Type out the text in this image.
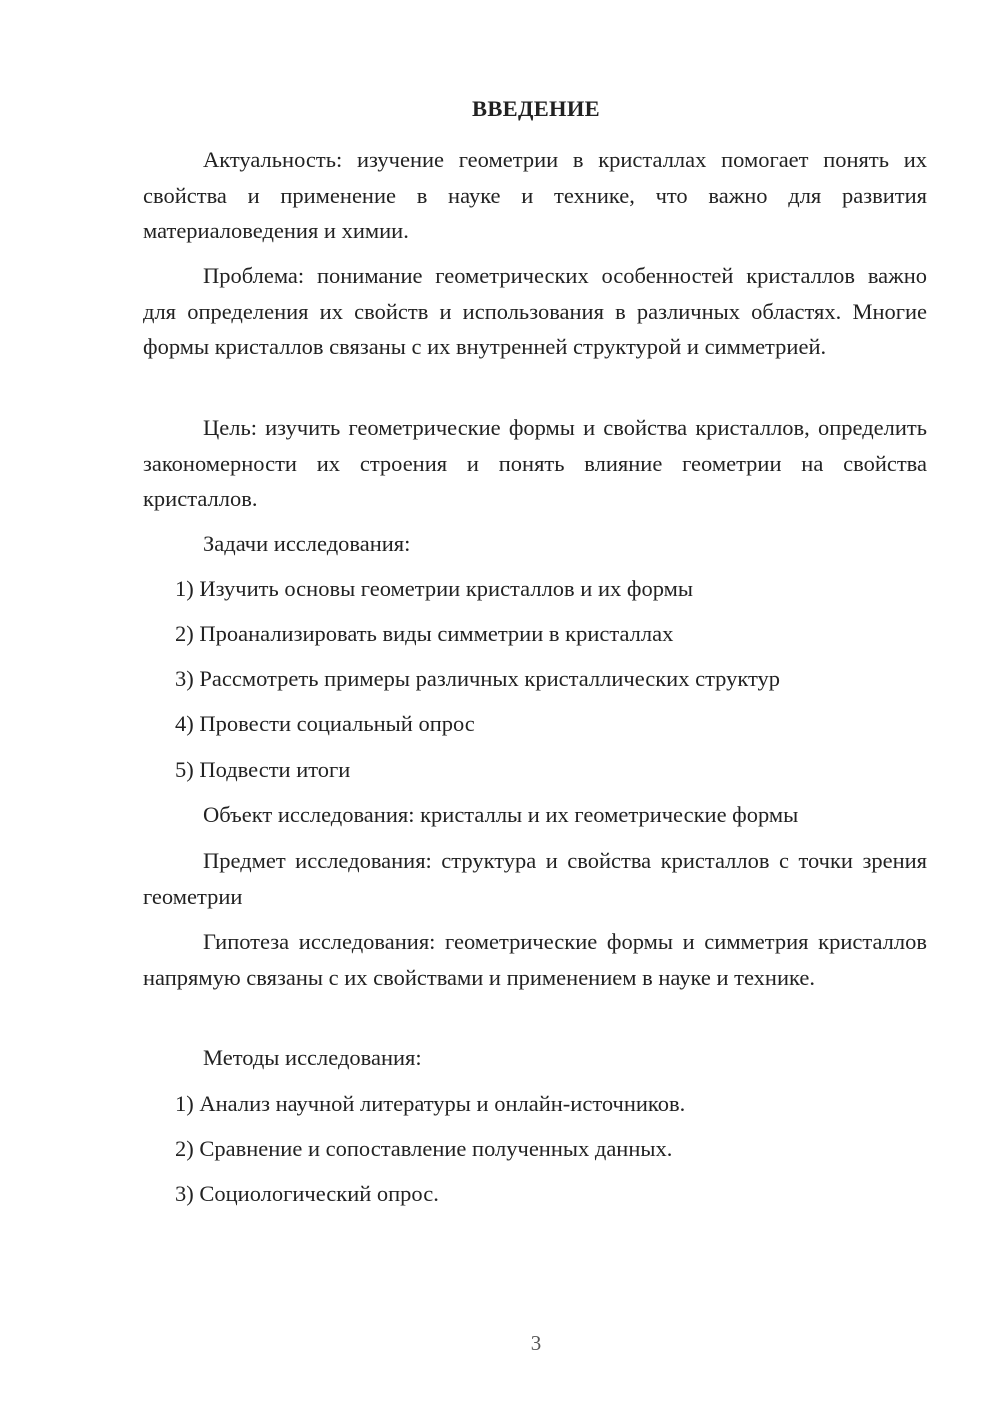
ВВЕДЕНИЕ

Актуальность: изучение геометрии в кристаллах помогает понять их свойства и применение в науке и технике, что важно для развития материаловедения и химии.

Проблема: понимание геометрических особенностей кристаллов важно для определения их свойств и использования в различных областях. Многие формы кристаллов связаны с их внутренней структурой и симметрией.

Цель: изучить геометрические формы и свойства кристаллов, определить закономерности их строения и понять влияние геометрии на свойства кристаллов.

Задачи исследования:

1) Изучить основы геометрии кристаллов и их формы

2) Проанализировать виды симметрии в кристаллах

3) Рассмотреть примеры различных кристаллических структур

4) Провести социальный опрос

5) Подвести итоги

Объект исследования: кристаллы и их геометрические формы

Предмет исследования: структура и свойства кристаллов с точки зрения геометрии

Гипотеза исследования: геометрические формы и симметрия кристаллов напрямую связаны с их свойствами и применением в науке и технике.

Методы исследования:

1) Анализ научной литературы и онлайн-источников.

2) Сравнение и сопоставление полученных данных.

3) Социологический опрос.

3
